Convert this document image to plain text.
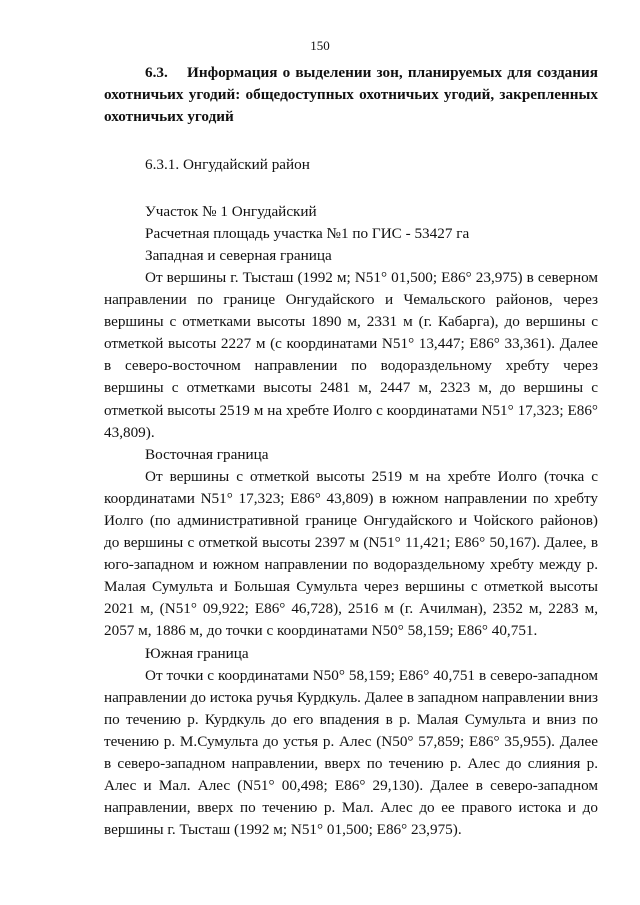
150

6.3. Информация о выделении зон, планируемых для создания охотничьих угодий: общедоступных охотничьих угодий, закрепленных охотничьих угодий

6.3.1. Онгудайский район

Участок № 1 Онгудайский

Расчетная площадь участка №1 по ГИС - 53427 га

Западная и северная граница

От вершины г. Тысташ (1992 м; N51° 01,500; E86° 23,975) в северном направлении по границе Онгудайского и Чемальского районов, через вершины с отметками высоты 1890 м, 2331 м (г. Кабарга), до вершины с отметкой высоты 2227 м (с координатами N51° 13,447; E86° 33,361). Далее в северо-восточном направлении по водораздельному хребту через вершины с отметками высоты 2481 м, 2447 м, 2323 м, до вершины с отметкой высоты 2519 м на хребте Иолго с координатами N51° 17,323; E86° 43,809).

Восточная граница

От вершины с отметкой высоты 2519 м на хребте Иолго (точка с координатами N51° 17,323; E86° 43,809) в южном направлении по хребту Иолго (по административной границе Онгудайского и Чойского районов) до вершины с отметкой высоты 2397 м (N51° 11,421; E86° 50,167). Далее, в юго-западном и южном направлении по водораздельному хребту между р. Малая Сумульта и Большая Сумульта через вершины с отметкой высоты 2021 м, (N51° 09,922; E86° 46,728), 2516 м (г. Ачилман), 2352 м, 2283 м, 2057 м, 1886 м, до точки с координатами N50° 58,159; E86° 40,751.

Южная граница

От точки с координатами N50° 58,159; E86° 40,751 в северо-западном направлении до истока ручья Курдкуль. Далее в западном направлении вниз по течению р. Курдкуль до его впадения в р. Малая Сумульта и вниз по течению р. М.Сумульта до устья р. Алес (N50° 57,859; E86° 35,955). Далее в северо-западном направлении, вверх по течению р. Алес до слияния р. Алес и Мал. Алес (N51° 00,498; E86° 29,130). Далее в северо-западном направлении, вверх по течению р. Мал. Алес до ее правого истока и до вершины г. Тысташ (1992 м; N51° 01,500; E86° 23,975).
